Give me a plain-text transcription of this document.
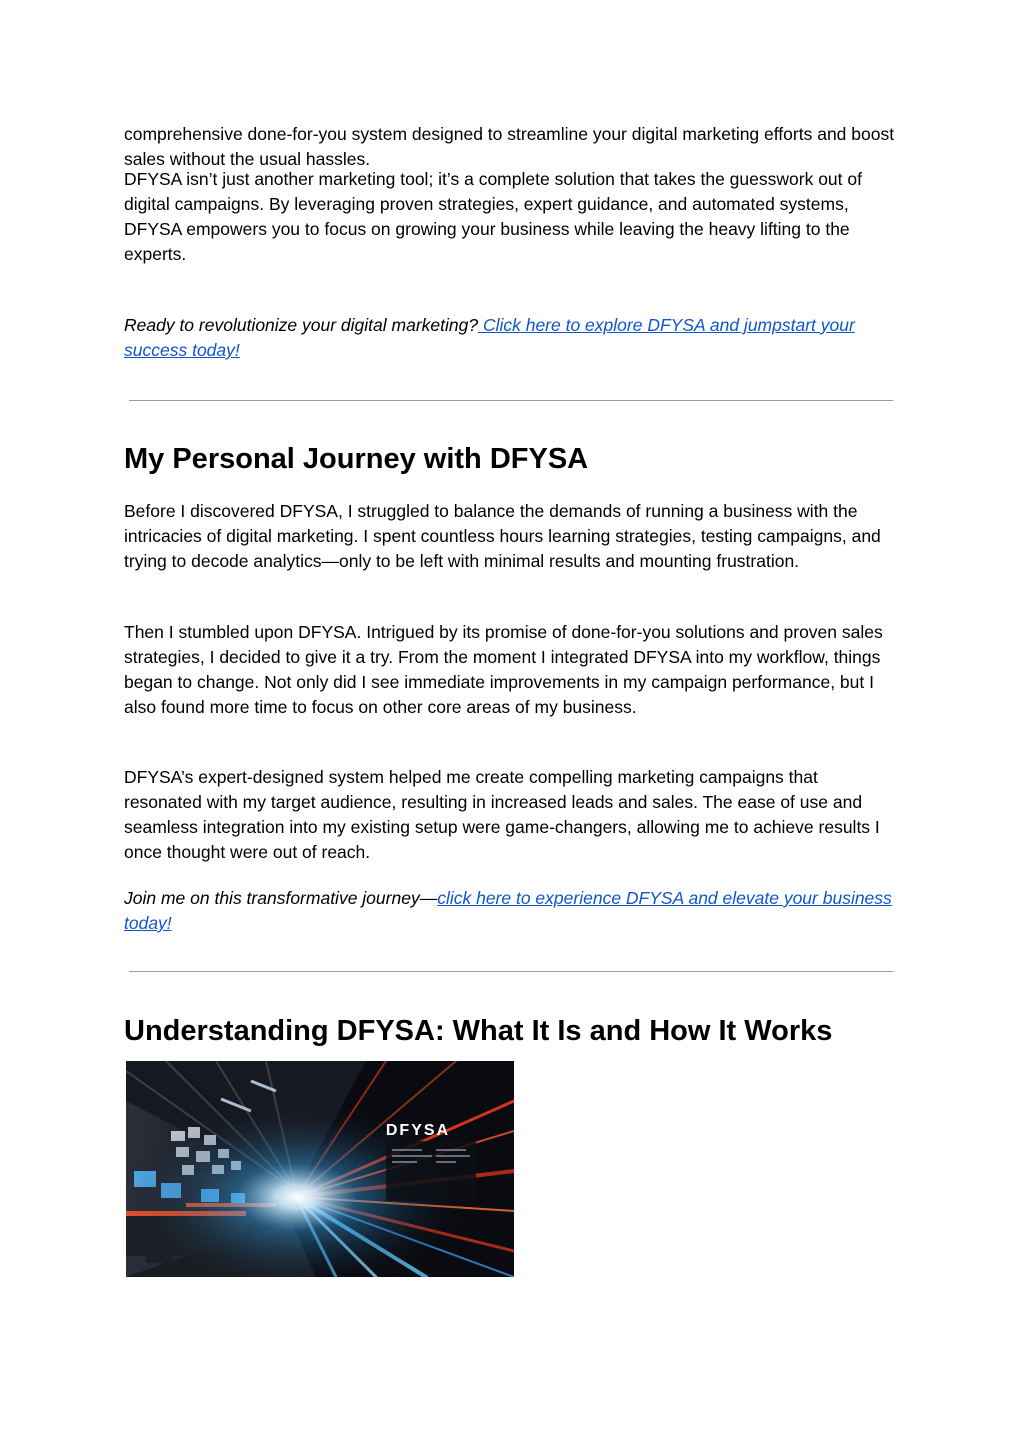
comprehensive done‑for‑you system designed to streamline your digital marketing efforts and boost sales without the usual hassles.

DFYSA isn’t just another marketing tool; it’s a complete solution that takes the guesswork out of digital campaigns. By leveraging proven strategies, expert guidance, and automated systems, DFYSA empowers you to focus on growing your business while leaving the heavy lifting to the experts.

Ready to revolutionize your digital marketing? Click here to explore DFYSA and jumpstart your success today!

My Personal Journey with DFYSA

Before I discovered DFYSA, I struggled to balance the demands of running a business with the intricacies of digital marketing. I spent countless hours learning strategies, testing campaigns, and trying to decode analytics—only to be left with minimal results and mounting frustration.

Then I stumbled upon DFYSA. Intrigued by its promise of done‑for‑you solutions and proven sales strategies, I decided to give it a try. From the moment I integrated DFYSA into my workflow, things began to change. Not only did I see immediate improvements in my campaign performance, but I also found more time to focus on other core areas of my business.

DFYSA’s expert‑designed system helped me create compelling marketing campaigns that resonated with my target audience, resulting in increased leads and sales. The ease of use and seamless integration into my existing setup were game‑changers, allowing me to achieve results I once thought were out of reach.

Join me on this transformative journey—click here to experience DFYSA and elevate your business today!

Understanding DFYSA: What It Is and How It Works
DFYSA
